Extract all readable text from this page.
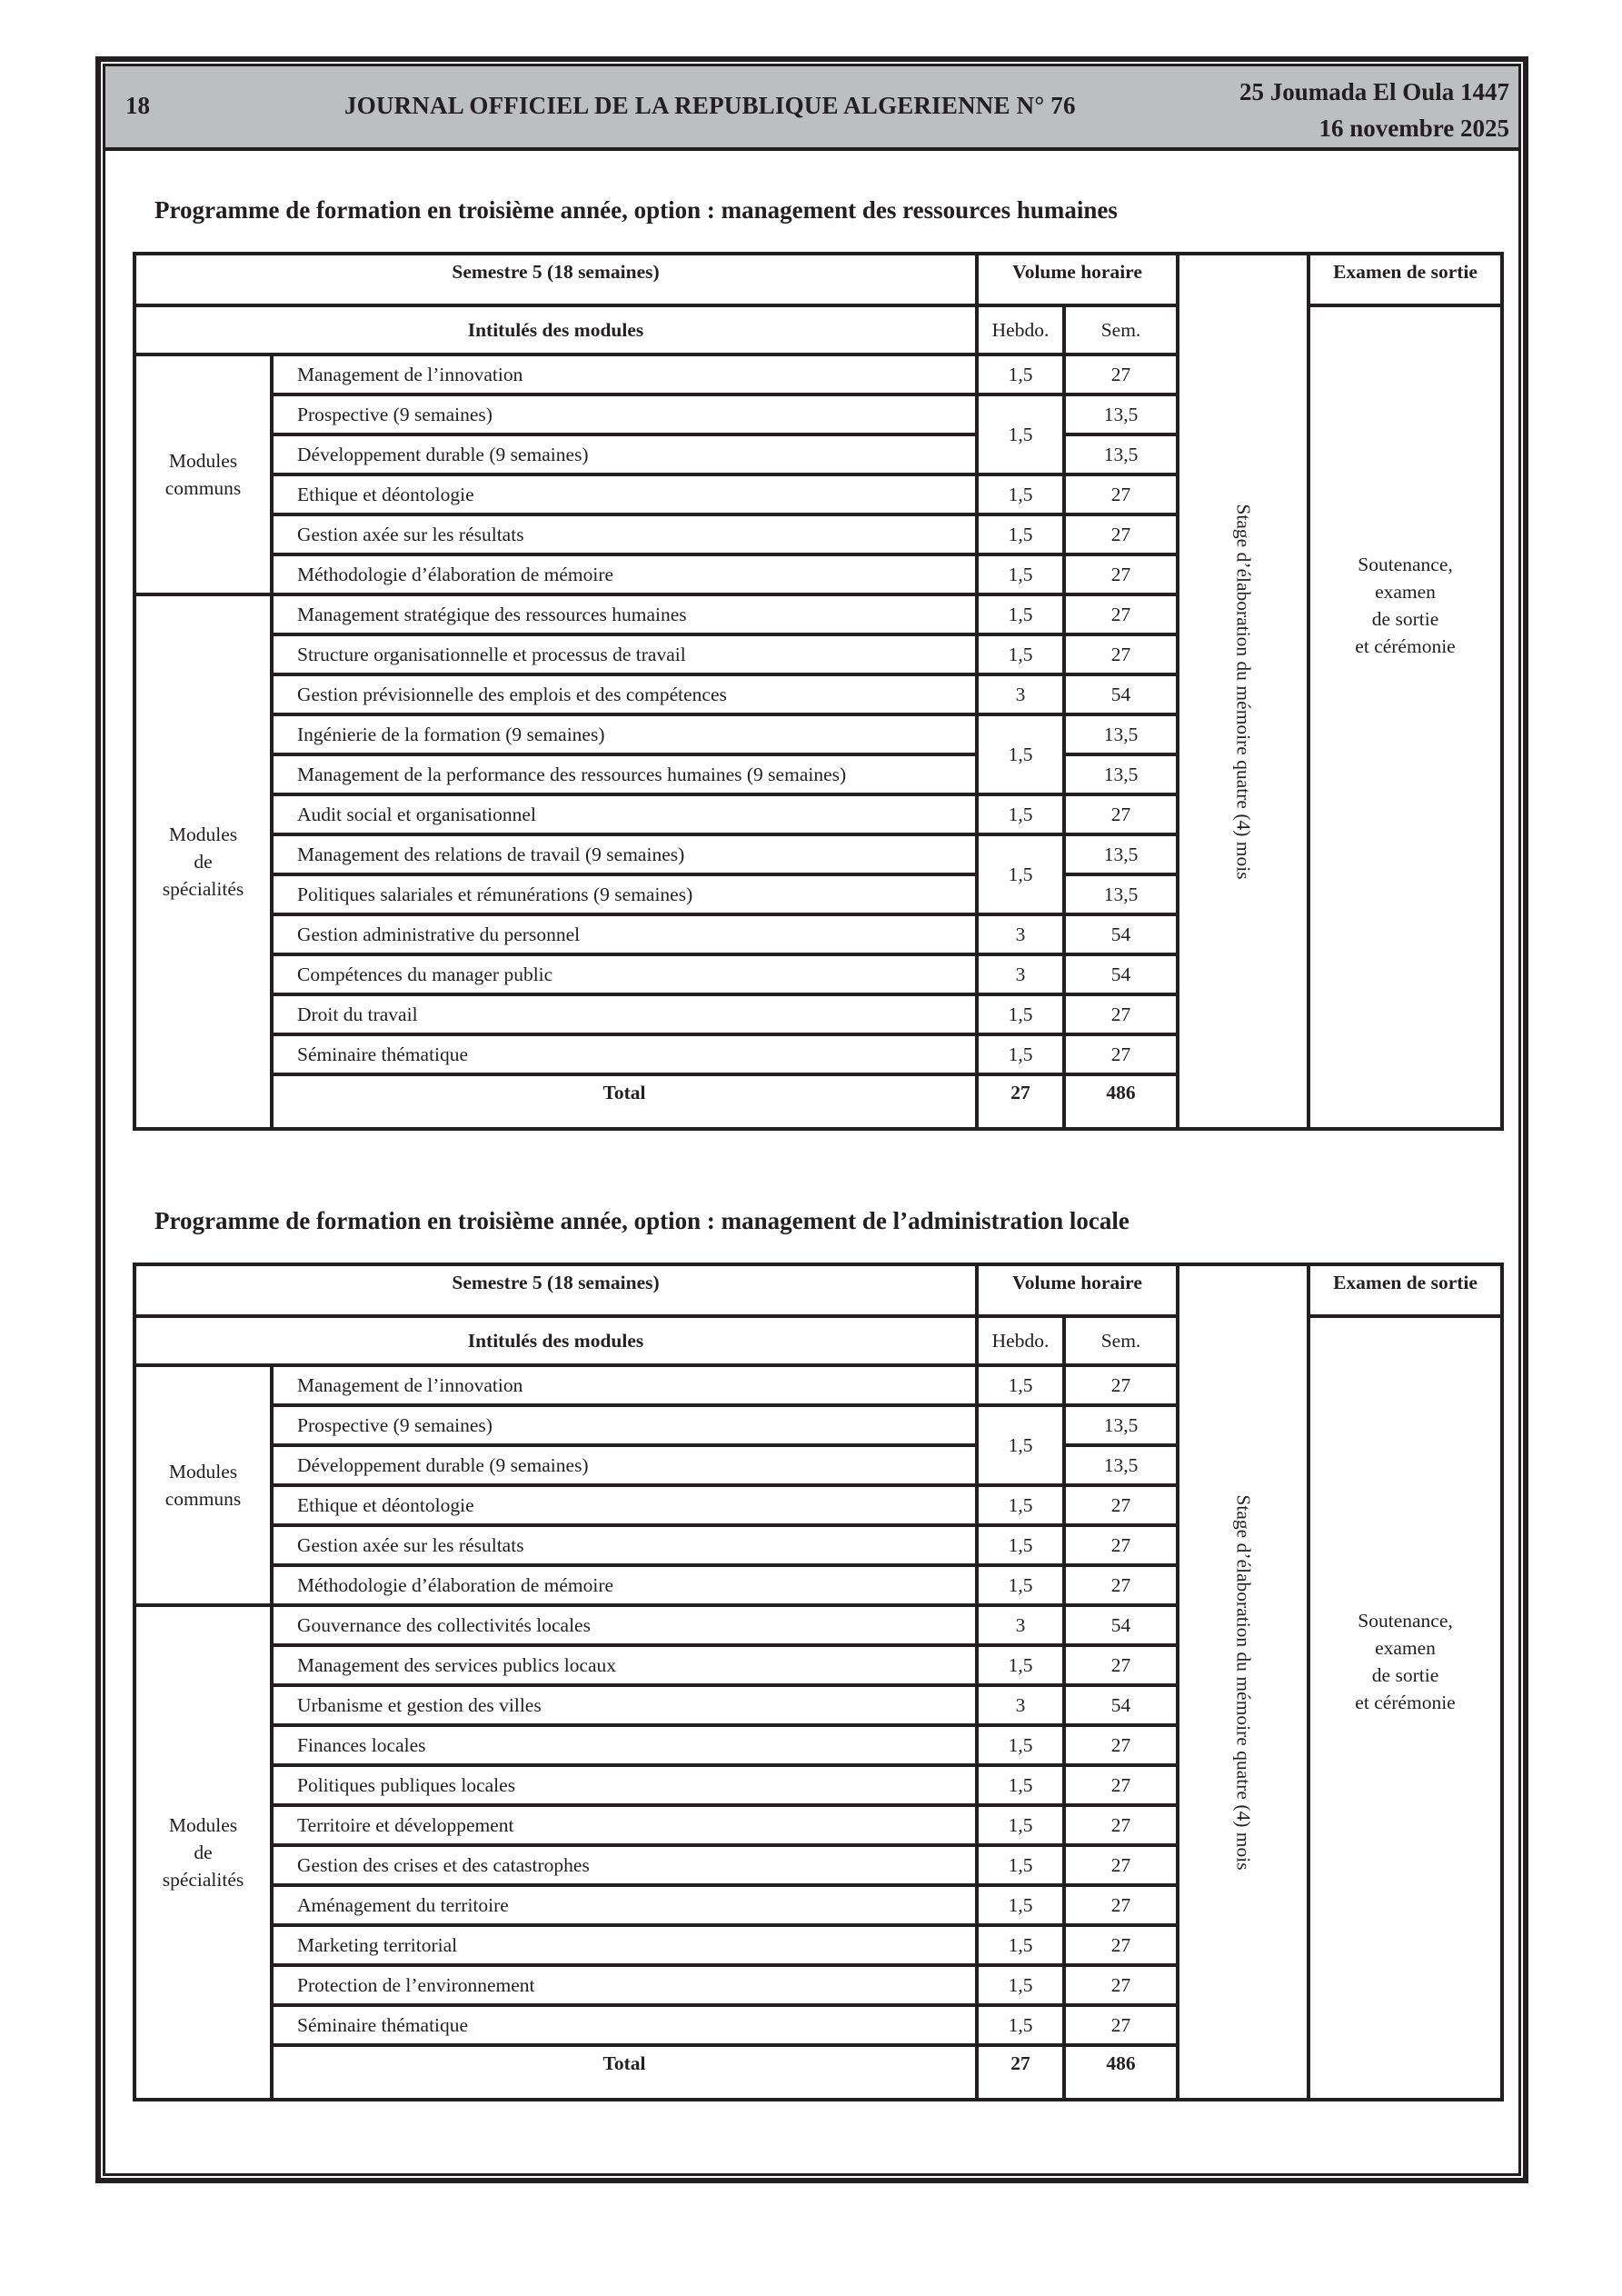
18	JOURNAL OFFICIEL DE LA REPUBLIQUE ALGERIENNE N° 76	25 Joumada El Oula 1447
16 novembre 2025
Programme de formation en troisième année, option : management des ressources humaines
Semestre 5 (18 semaines)		Volume horaire		Stage d’élaboration du mémoire quatre (4) mois	Examen de sortie
Intitulés des modules		Hebdo.	Sem.		Soutenance,
examen
de sortie
et cérémonie

Modules
communs	Management de l’innovation	1,5	27		
	Prospective (9 semaines)	1,5	13,5		
	Développement durable (9 semaines)		13,5		
	Ethique et déontologie	1,5	27		
	Gestion axée sur les résultats	1,5	27		
	Méthodologie d’élaboration de mémoire	1,5	27		

Modules
de
spécialités	Management stratégique des ressources humaines	1,5	27		
	Structure organisationnelle et processus de travail	1,5	27		
	Gestion prévisionnelle des emplois et des compétences	3	54		
	Ingénierie de la formation (9 semaines)	1,5	13,5		
	Management de la performance des ressources humaines (9 semaines)		13,5		
	Audit social et organisationnel	1,5	27		
	Management des relations de travail (9 semaines)	1,5	13,5		
	Politiques salariales et rémunérations (9 semaines)		13,5		
	Gestion administrative du personnel	3	54		
	Compétences du manager public	3	54		
	Droit du travail	1,5	27		
	Séminaire thématique	1,5	27		
	Total	27	486		
Programme de formation en troisième année, option : management de l’administration locale
Semestre 5 (18 semaines)		Volume horaire		Stage d’élaboration du mémoire quatre (4) mois	Examen de sortie
Intitulés des modules		Hebdo.	Sem.		Soutenance,
examen
de sortie
et cérémonie

Modules
communs	Management de l’innovation	1,5	27		
	Prospective (9 semaines)	1,5	13,5		
	Développement durable (9 semaines)		13,5		
	Ethique et déontologie	1,5	27		
	Gestion axée sur les résultats	1,5	27		
	Méthodologie d’élaboration de mémoire	1,5	27		

Modules
de
spécialités	Gouvernance des collectivités locales	3	54		
	Management des services publics locaux	1,5	27		
	Urbanisme et gestion des villes	3	54		
	Finances locales	1,5	27		
	Politiques publiques locales	1,5	27		
	Territoire et développement	1,5	27		
	Gestion des crises et des catastrophes	1,5	27		
	Aménagement du territoire	1,5	27		
	Marketing territorial	1,5	27		
	Protection de l’environnement	1,5	27		
	Séminaire thématique	1,5	27		
	Total	27	486		
